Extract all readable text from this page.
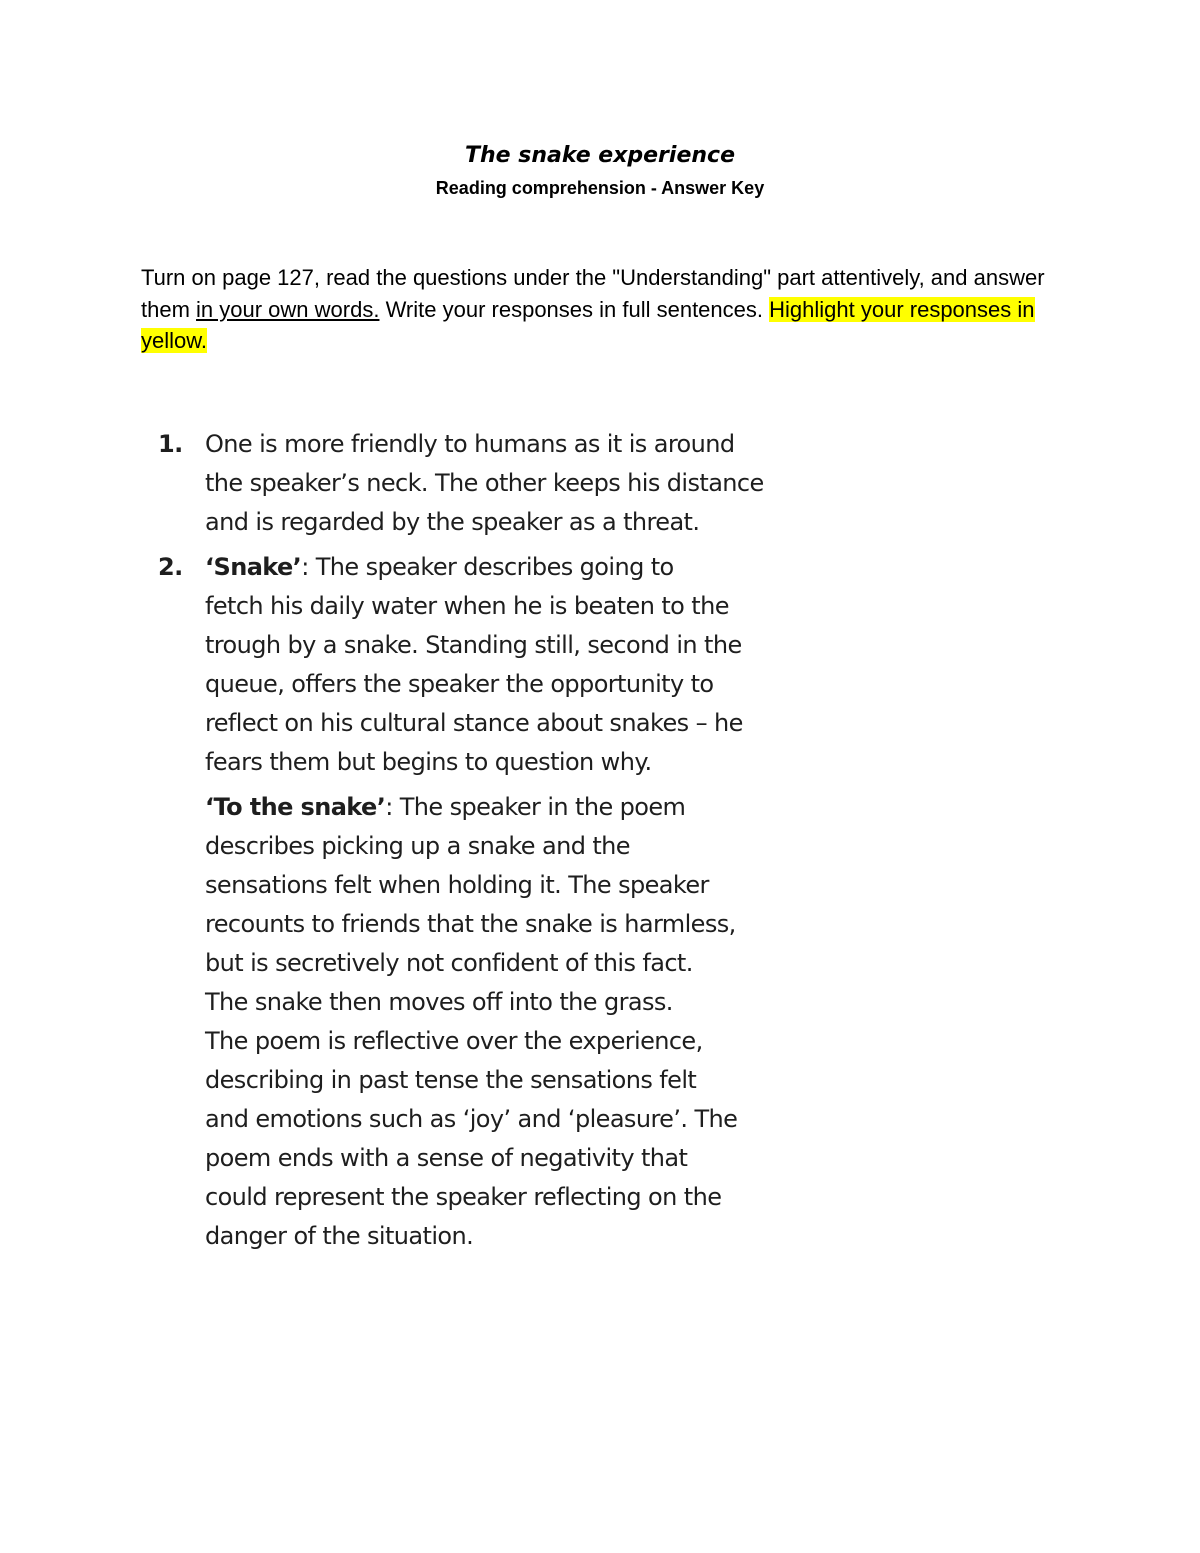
The snake experience
Reading comprehension - Answer Key
Turn on page 127, read the questions under the "Understanding" part attentively, and answer them in your own words. Write your responses in full sentences. Highlight your responses in yellow.
1. One is more friendly to humans as it is around
the speaker’s neck. The other keeps his distance
and is regarded by the speaker as a threat.
2. ‘Snake’: The speaker describes going to
fetch his daily water when he is beaten to the
trough by a snake. Standing still, second in the
queue, offers the speaker the opportunity to
reflect on his cultural stance about snakes – he
fears them but begins to question why.

‘To the snake’: The speaker in the poem
describes picking up a snake and the
sensations felt when holding it. The speaker
recounts to friends that the snake is harmless,
but is secretively not confident of this fact.
The snake then moves off into the grass.
The poem is reflective over the experience,
describing in past tense the sensations felt
and emotions such as ‘joy’ and ‘pleasure’. The
poem ends with a sense of negativity that
could represent the speaker reflecting on the
danger of the situation.
